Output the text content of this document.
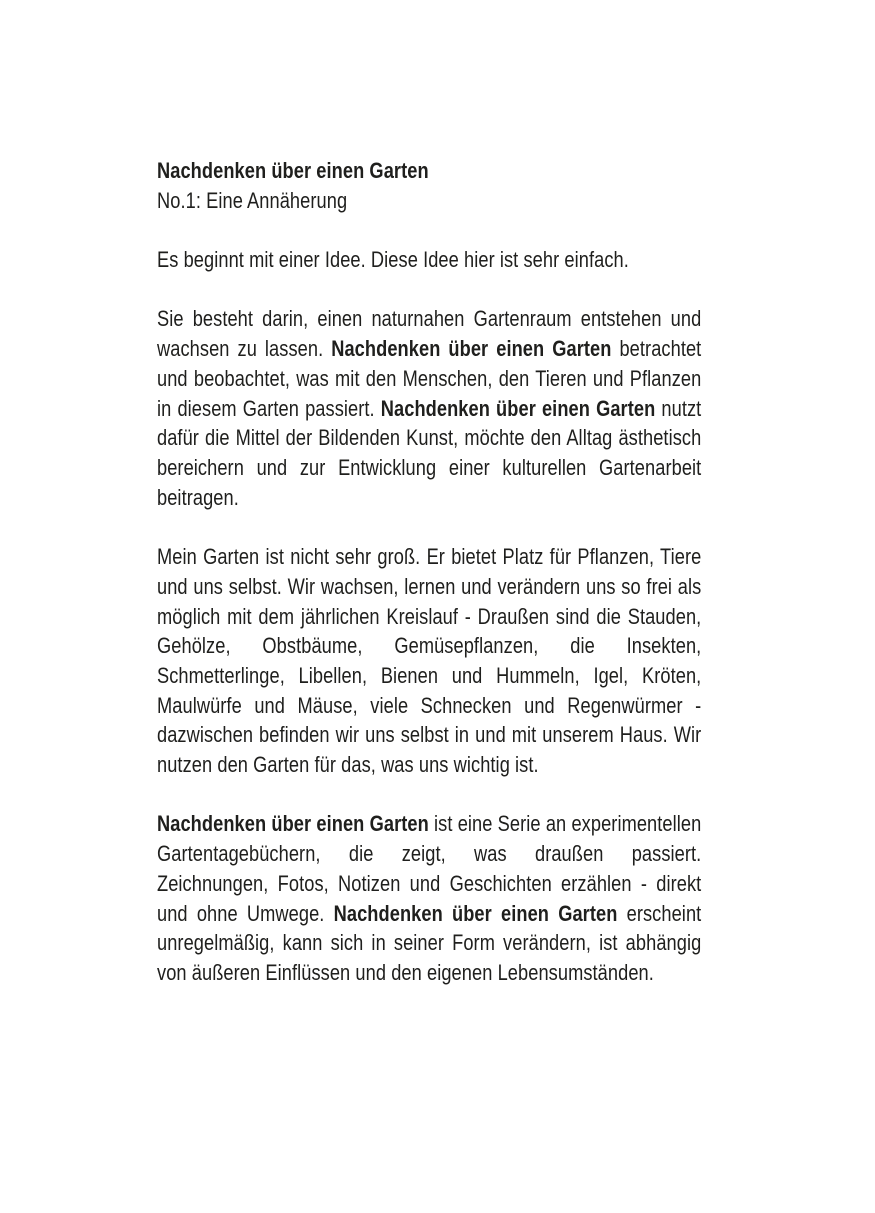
Nachdenken über einen Garten
No.1: Eine Annäherung
Es beginnt mit einer Idee. Diese Idee hier ist sehr einfach.
Sie besteht darin, einen naturnahen Gartenraum entstehen und wachsen zu lassen. Nachdenken über einen Garten betrachtet und beobachtet, was mit den Menschen, den Tieren und Pflanzen in diesem Garten passiert. Nachdenken über einen Garten nutzt dafür die Mittel der Bildenden Kunst, möchte den Alltag ästhetisch bereichern und zur Entwicklung einer kulturellen Gartenarbeit beitragen.
Mein Garten ist nicht sehr groß. Er bietet Platz für Pflanzen, Tiere und uns selbst. Wir wachsen, lernen und verändern uns so frei als möglich mit dem jährlichen Kreislauf - Draußen sind die Stauden, Gehölze, Obstbäume, Gemüsepflanzen, die Insekten, Schmetterlinge, Libellen, Bienen und Hummeln, Igel, Kröten, Maulwürfe und Mäuse, viele Schnecken und Regenwürmer - dazwischen befinden wir uns selbst in und mit unserem Haus. Wir nutzen den Garten für das, was uns wichtig ist.
Nachdenken über einen Garten ist eine Serie an experimentellen Gartentagebüchern, die zeigt, was draußen passiert. Zeichnungen, Fotos, Notizen und Geschichten erzählen - direkt und ohne Umwege. Nachdenken über einen Garten erscheint unregelmäßig, kann sich in seiner Form verändern, ist abhängig von äußeren Einflüssen und den eigenen Lebensumständen.
